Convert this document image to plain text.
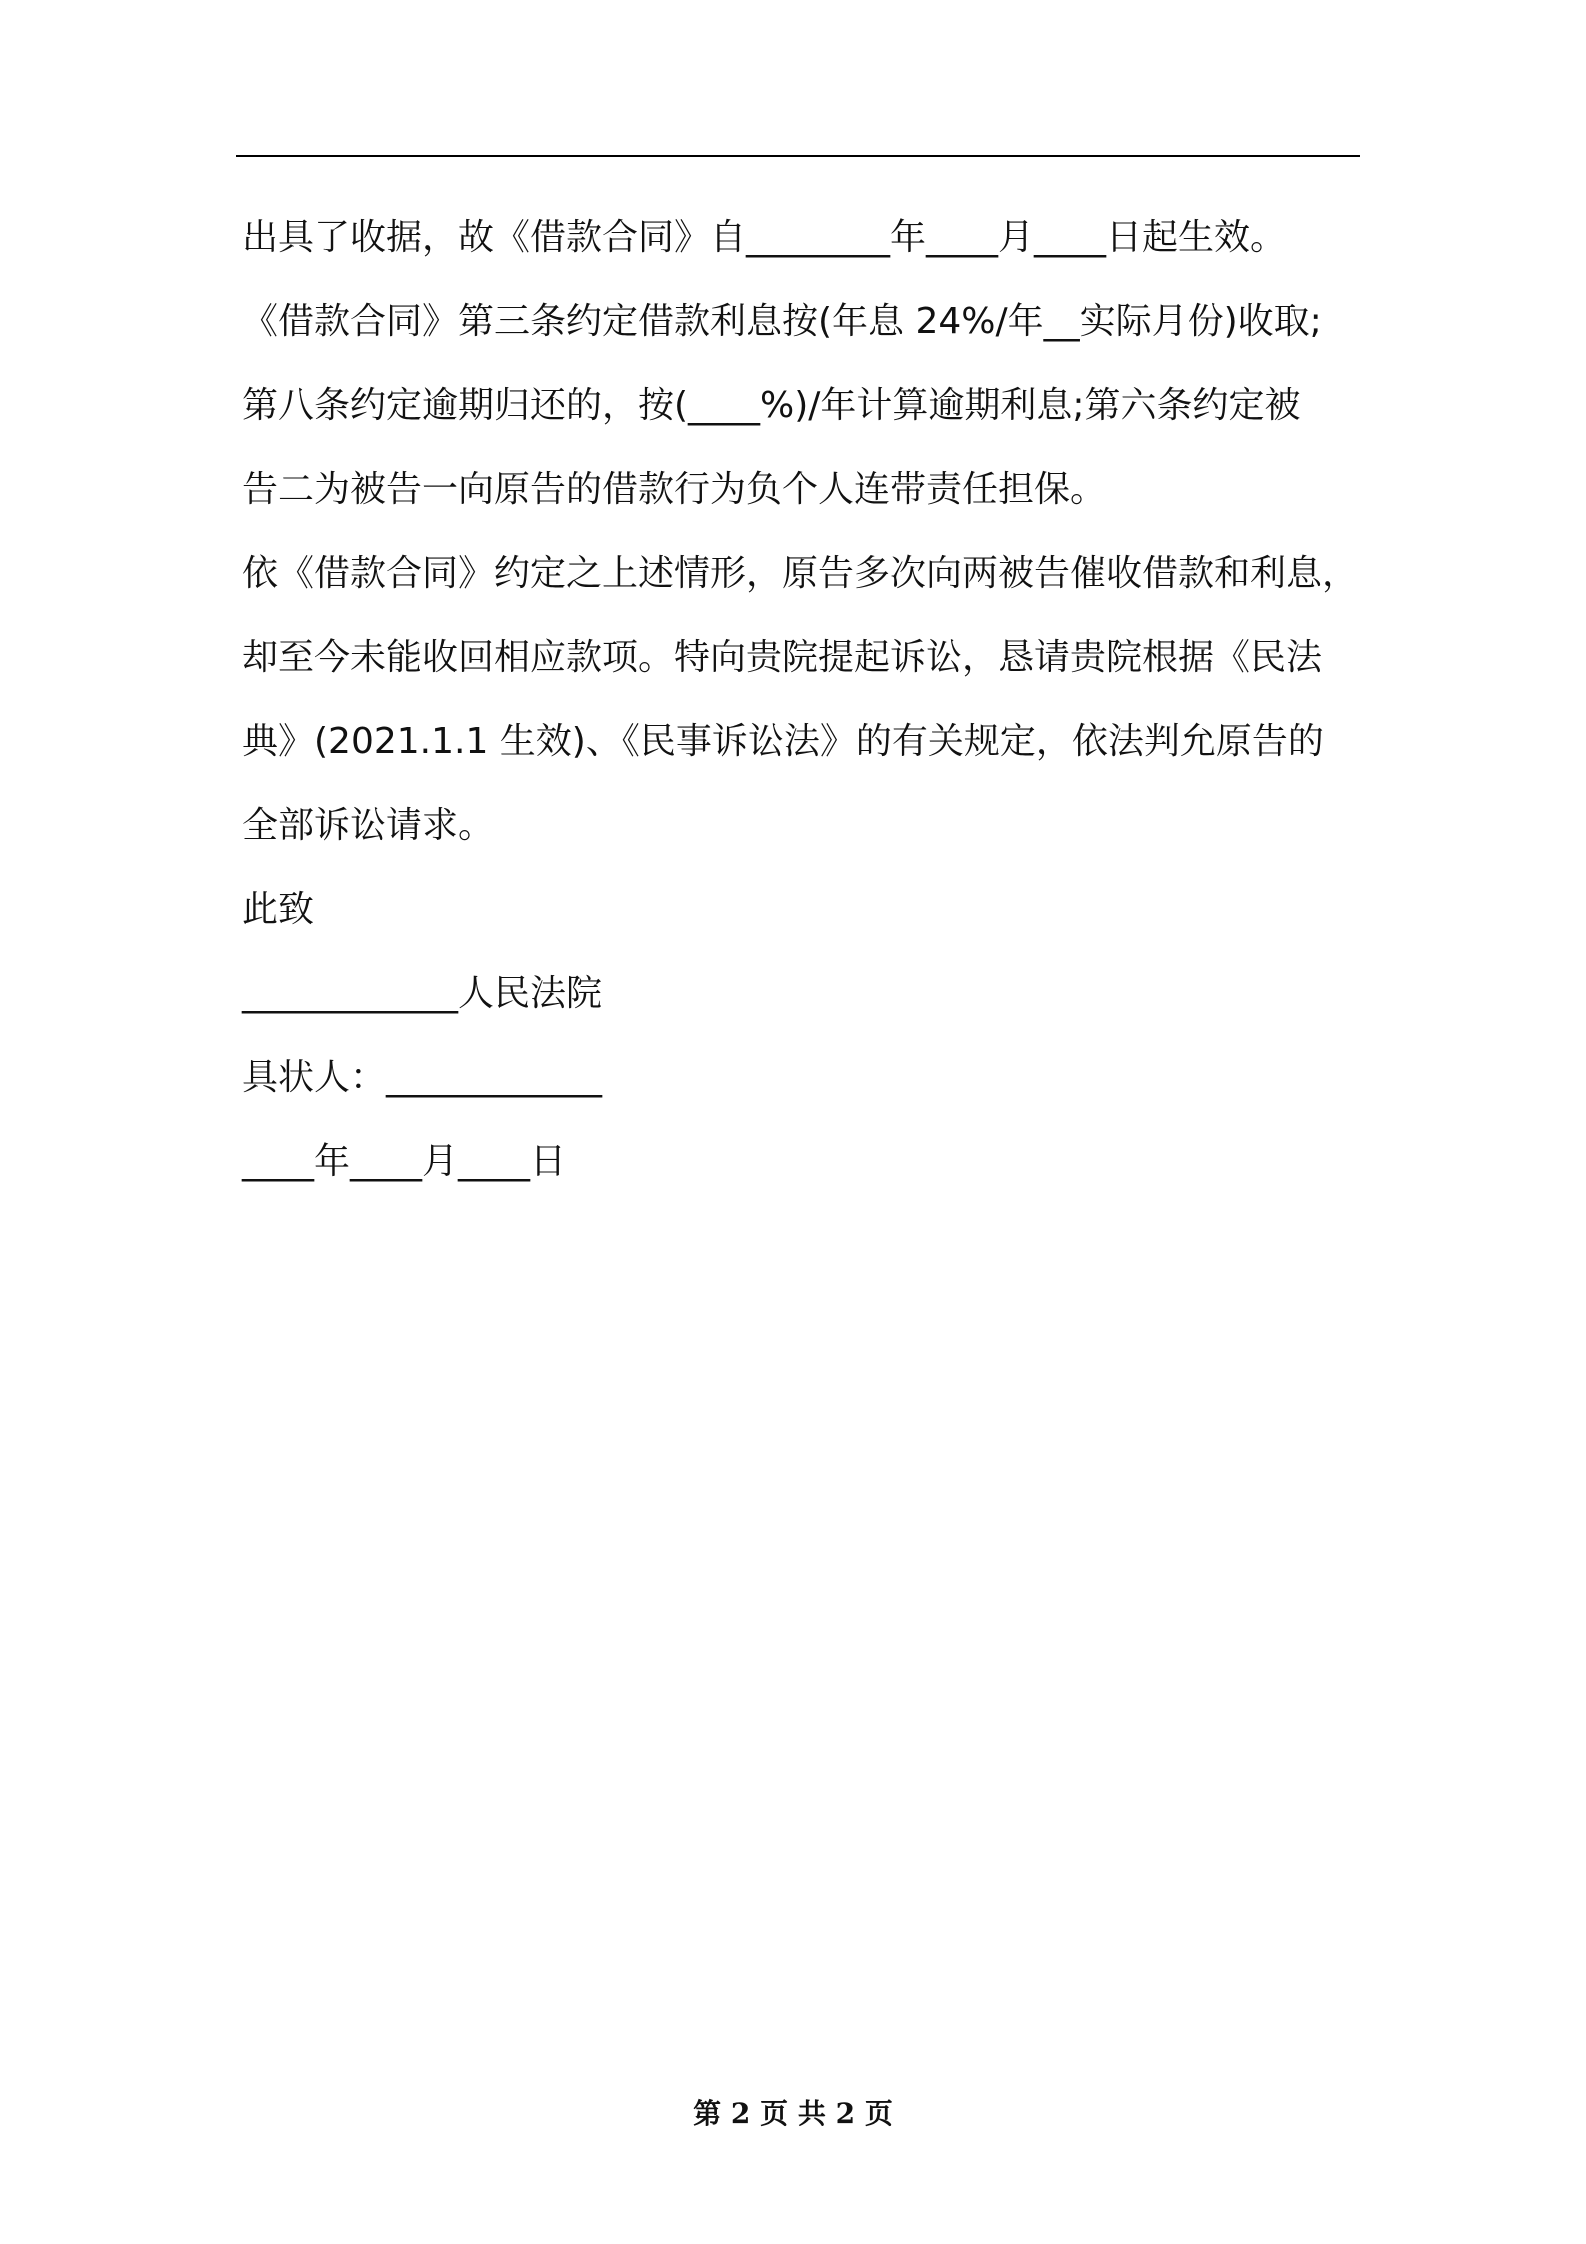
出具了收据，故《借款合同》自________年____月____日起生效。
《借款合同》第三条约定借款利息按(年息 24%/年__实际月份)收取;
第八条约定逾期归还的，按(____%)/年计算逾期利息;第六条约定被
告二为被告一向原告的借款行为负个人连带责任担保。
依《借款合同》约定之上述情形，原告多次向两被告催收借款和利息，
却至今未能收回相应款项。特向贵院提起诉讼，恳请贵院根据《民法
典》(2021.1.1 生效)、《民事诉讼法》的有关规定，依法判允原告的
全部诉讼请求。
此致
____________人民法院
具状人：____________
____年____月____日
第 2 页 共 2 页
